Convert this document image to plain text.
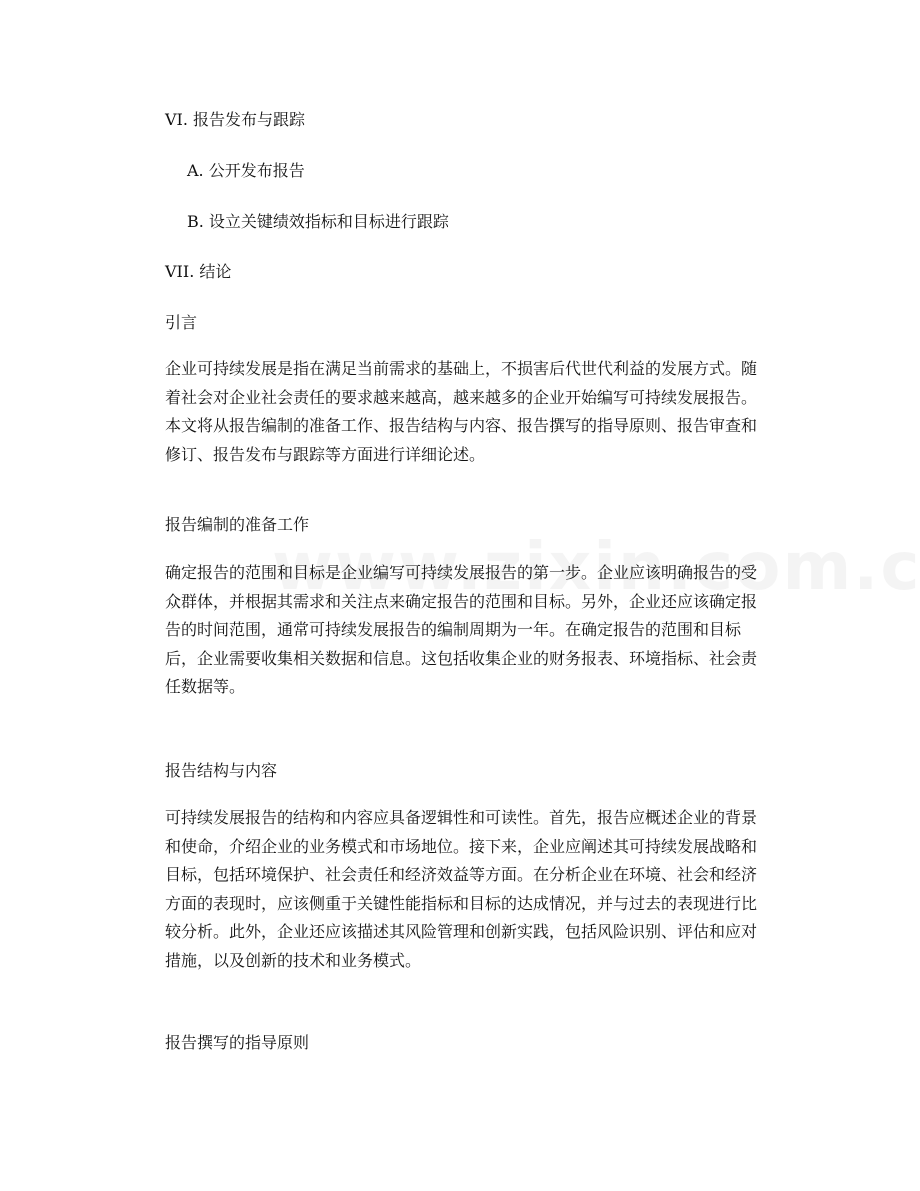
VI. 报告发布与跟踪

A. 公开发布报告

B. 设立关键绩效指标和目标进行跟踪

VII. 结论

引言

企业可持续发展是指在满足当前需求的基础上，不损害后代世代利益的发展方式。随着社会对企业社会责任的要求越来越高，越来越多的企业开始编写可持续发展报告。本文将从报告编制的准备工作、报告结构与内容、报告撰写的指导原则、报告审查和修订、报告发布与跟踪等方面进行详细论述。

报告编制的准备工作

确定报告的范围和目标是企业编写可持续发展报告的第一步。企业应该明确报告的受众群体，并根据其需求和关注点来确定报告的范围和目标。另外，企业还应该确定报告的时间范围，通常可持续发展报告的编制周期为一年。在确定报告的范围和目标后，企业需要收集相关数据和信息。这包括收集企业的财务报表、环境指标、社会责任数据等。

报告结构与内容

可持续发展报告的结构和内容应具备逻辑性和可读性。首先，报告应概述企业的背景和使命，介绍企业的业务模式和市场地位。接下来，企业应阐述其可持续发展战略和目标，包括环境保护、社会责任和经济效益等方面。在分析企业在环境、社会和经济方面的表现时，应该侧重于关键性能指标和目标的达成情况，并与过去的表现进行比较分析。此外，企业还应该描述其风险管理和创新实践，包括风险识别、评估和应对措施，以及创新的技术和业务模式。

报告撰写的指导原则
